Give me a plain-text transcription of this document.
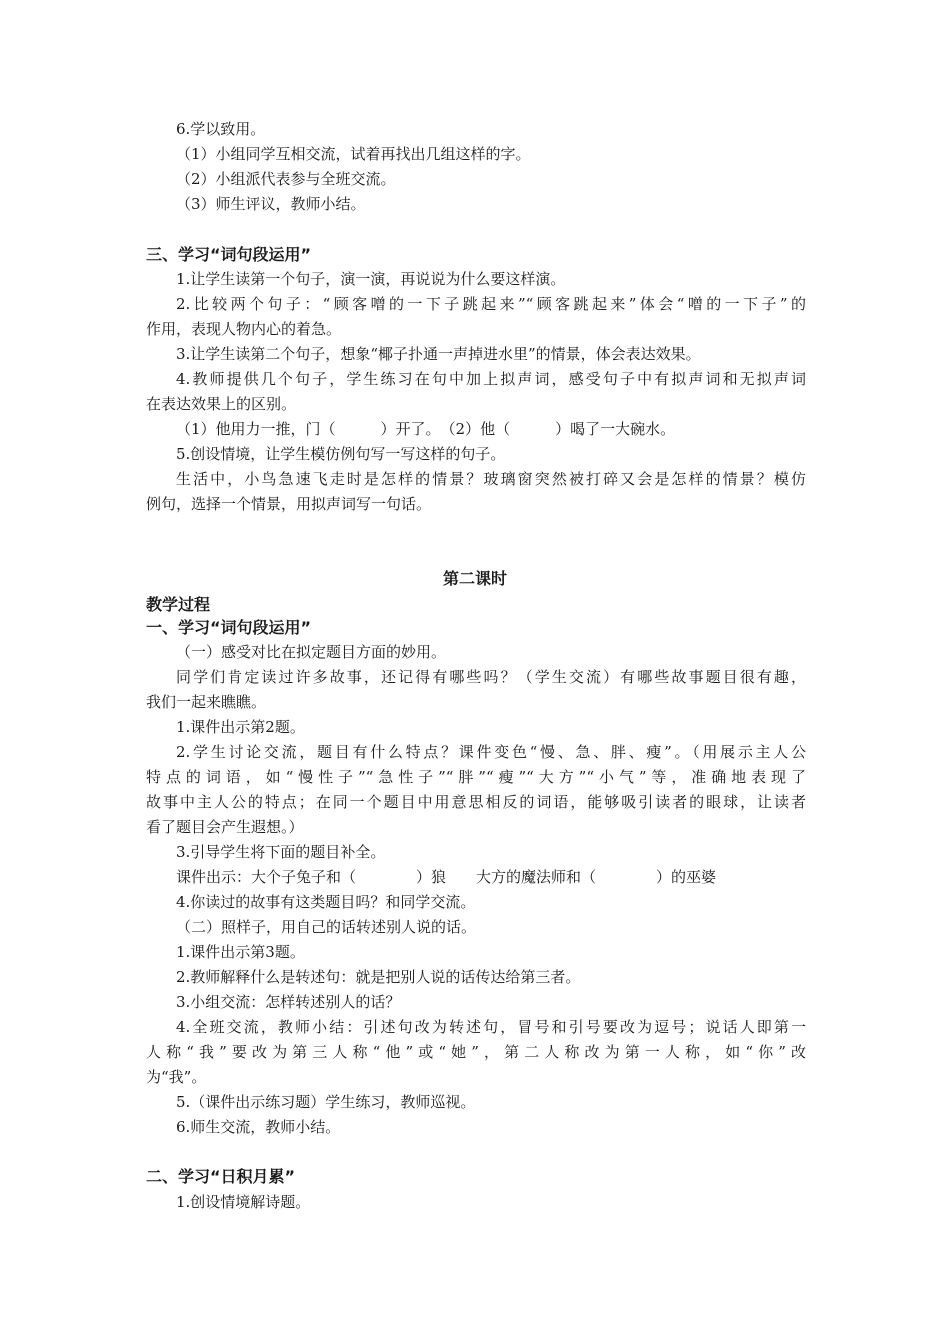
6.学以致用。
（1）小组同学互相交流，试着再找出几组这样的字。
（2）小组派代表参与全班交流。
（3）师生评议，教师小结。
三、学习“词句段运用”
1.让学生读第一个句子，演一演，再说说为什么要这样演。
2.比较两个句子：“顾客噌的一下子跳起来”“顾客跳起来”体会“噌的一下子”的
作用，表现人物内心的着急。
3.让学生读第二个句子，想象“椰子扑通一声掉进水里”的情景，体会表达效果。
4.教师提供几个句子，学生练习在句中加上拟声词，感受句子中有拟声词和无拟声词
在表达效果上的区别。
（1）他用力一推，门（　　　）开了。　（2）他（　　　）喝了一大碗水。
5.创设情境，让学生模仿例句写一写这样的句子。
生活中，小鸟急速飞走时是怎样的情景？玻璃窗突然被打碎又会是怎样的情景？模仿
例句，选择一个情景，用拟声词写一句话。
第二课时
教学过程
一、学习“词句段运用”
（一）感受对比在拟定题目方面的妙用。
同学们肯定读过许多故事，还记得有哪些吗？（学生交流）有哪些故事题目很有趣，
我们一起来瞧瞧。
1.课件出示第2题。
2.学生讨论交流，题目有什么特点？课件变色“慢、急、胖、瘦”。（用展示主人公
特点的词语，如“慢性子”“急性子”“胖”“瘦”“大方”“小气”等，准确地表现了
故事中主人公的特点；在同一个题目中用意思相反的词语，能够吸引读者的眼球，让读者
看了题目会产生遐想。）
3.引导学生将下面的题目补全。
课件出示：大个子兔子和（　　　　）狼　　大方的魔法师和（　　　　）的巫婆
4.你读过的故事有这类题目吗？和同学交流。
（二）照样子，用自己的话转述别人说的话。
1.课件出示第3题。
2.教师解释什么是转述句：就是把别人说的话传达给第三者。
3.小组交流：怎样转述别人的话？
4.全班交流，教师小结：引述句改为转述句，冒号和引号要改为逗号；说话人即第一
人称“我”要改为第三人称“他”或“她”，第二人称改为第一人称，如“你”改
为“我”。
5.（课件出示练习题）学生练习，教师巡视。
6.师生交流，教师小结。
二、学习“日积月累”
1.创设情境解诗题。
